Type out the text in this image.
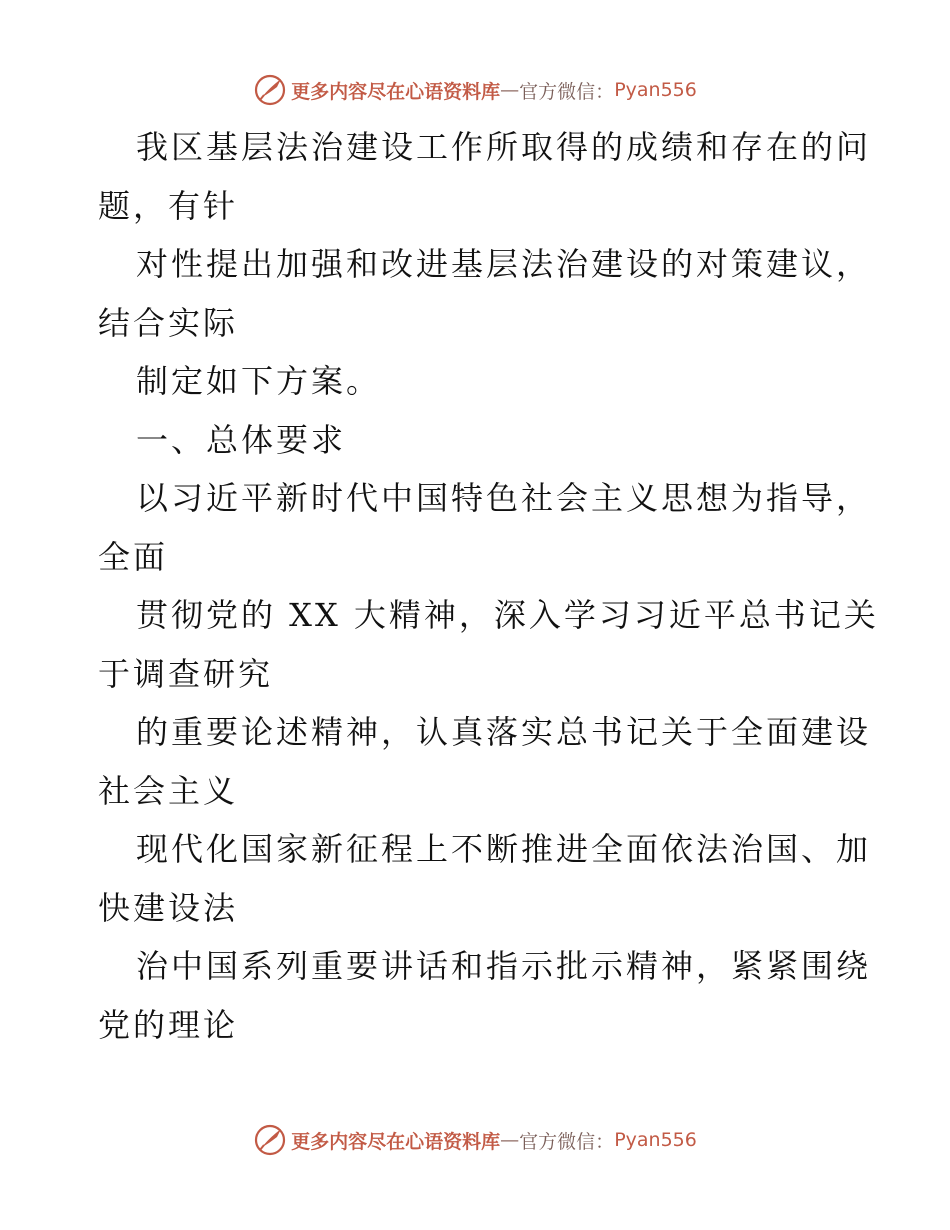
更多内容尽在心语资料库 — 官方微信： Pyan556
我区基层法治建设工作所取得的成绩和存在的问
题，有针
对性提出加强和改进基层法治建设的对策建议，
结合实际
制定如下方案。
一、总体要求
以习近平新时代中国特色社会主义思想为指导，
全面
贯彻党的 XX 大精神，深入学习习近平总书记关
于调查研究
的重要论述精神，认真落实总书记关于全面建设
社会主义
现代化国家新征程上不断推进全面依法治国、加
快建设法
治中国系列重要讲话和指示批示精神，紧紧围绕
党的理论
更多内容尽在心语资料库 — 官方微信： Pyan556
